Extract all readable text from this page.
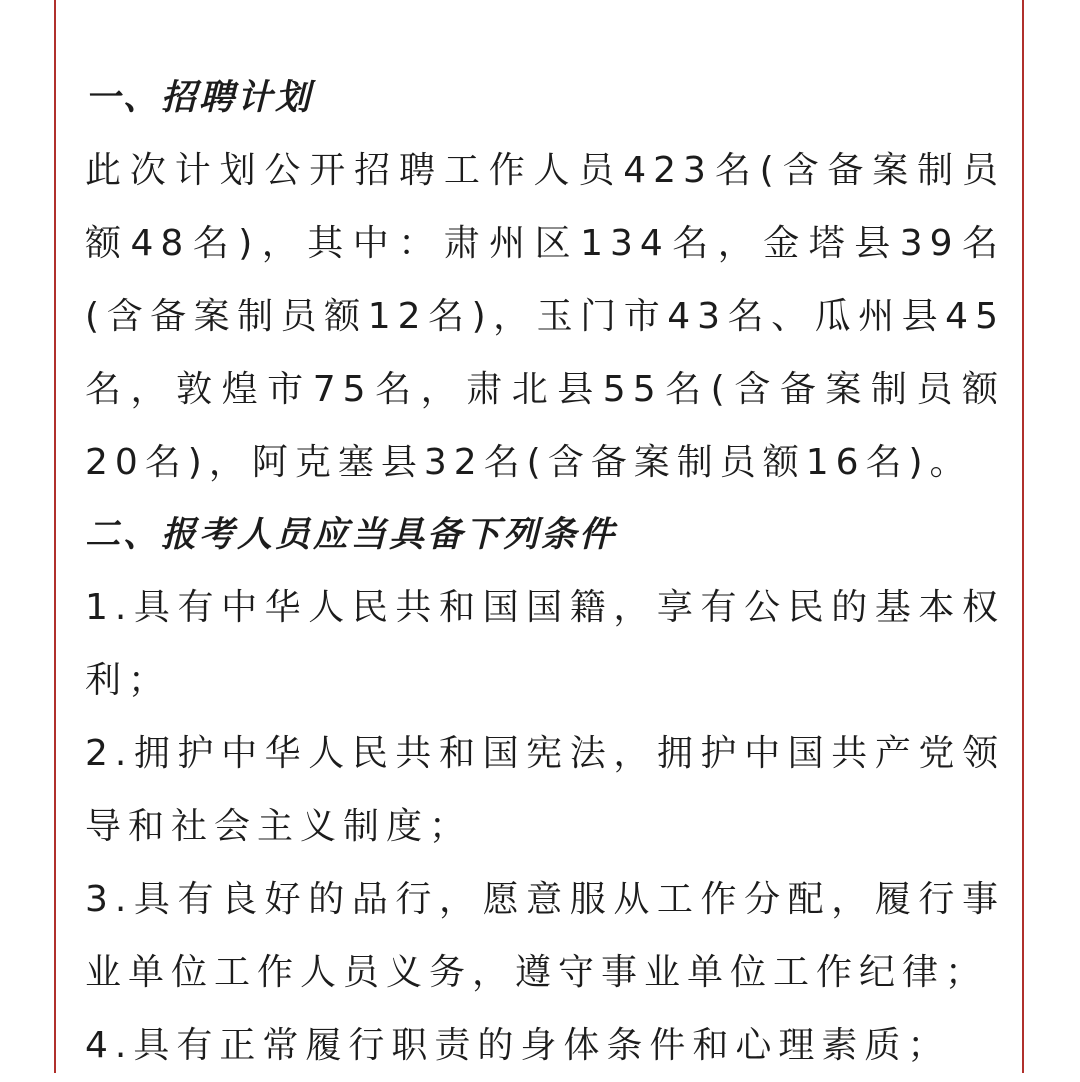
一、招聘计划

此次计划公开招聘工作人员423名(含备案制员额48名)，其中：肃州区134名，金塔县39名(含备案制员额12名)，玉门市43名、瓜州县45名，敦煌市75名，肃北县55名(含备案制员额20名)，阿克塞县32名(含备案制员额16名)。

二、报考人员应当具备下列条件

1.具有中华人民共和国国籍，享有公民的基本权利；

2.拥护中华人民共和国宪法，拥护中国共产党领导和社会主义制度；

3.具有良好的品行，愿意服从工作分配，履行事业单位工作人员义务，遵守事业单位工作纪律；

4.具有正常履行职责的身体条件和心理素质；
